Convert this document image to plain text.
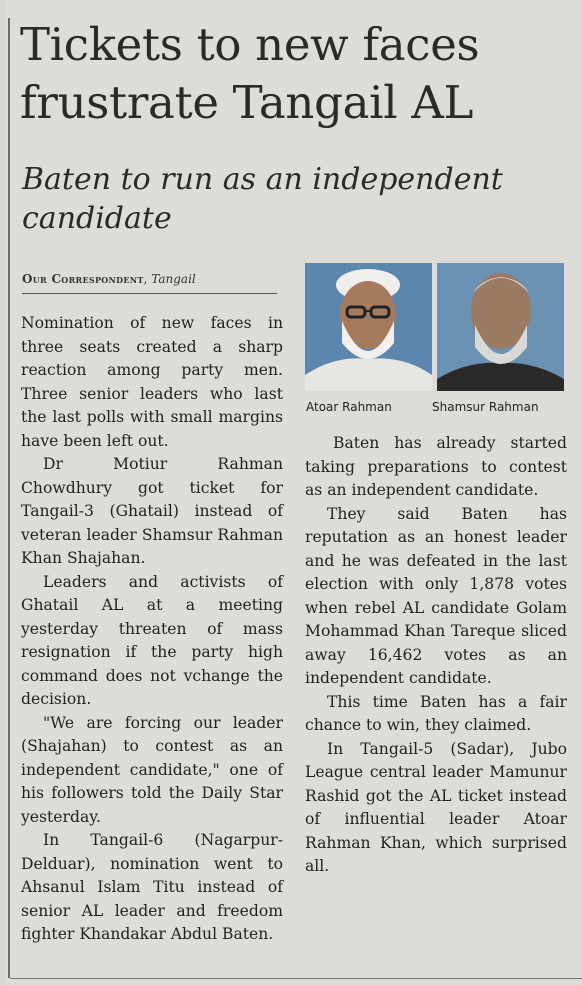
Tickets to new faces
frustrate Tangail AL
Baten to run as an independent
candidate
Our Correspondent, Tangail

Nomination of new faces in three seats created a sharp reaction among party men. Three senior leaders who last the last polls with small margins have been left out.

Dr Motiur Rahman Chowdhury got ticket for Tangail-3 (Ghatail) instead of veteran leader Shamsur Rahman Khan Shajahan.

Leaders and activists of Ghatail AL at a meeting yesterday threaten of mass resignation if the party high command does not vchange the decision.

"We are forcing our leader (Shajahan) to contest as an independent candidate," one of his followers told the Daily Star yesterday.

In Tangail-6 (Nagarpur-Delduar), nomination went to Ahsanul Islam Titu instead of senior AL leader and freedom fighter Khandakar Abdul Baten.

Atoar Rahman	Shamsur Rahman

Baten has already started taking preparations to contest as an independent candidate.

They said Baten has reputation as an honest leader and he was defeated in the last election with only 1,878 votes when rebel AL candidate Golam Mohammad Khan Tareque sliced away 16,462 votes as an independent candidate.

This time Baten has a fair chance to win, they claimed.

In Tangail-5 (Sadar), Jubo League central leader Mamunur Rashid got the AL ticket instead of influential leader Atoar Rahman Khan, which surprised all.
